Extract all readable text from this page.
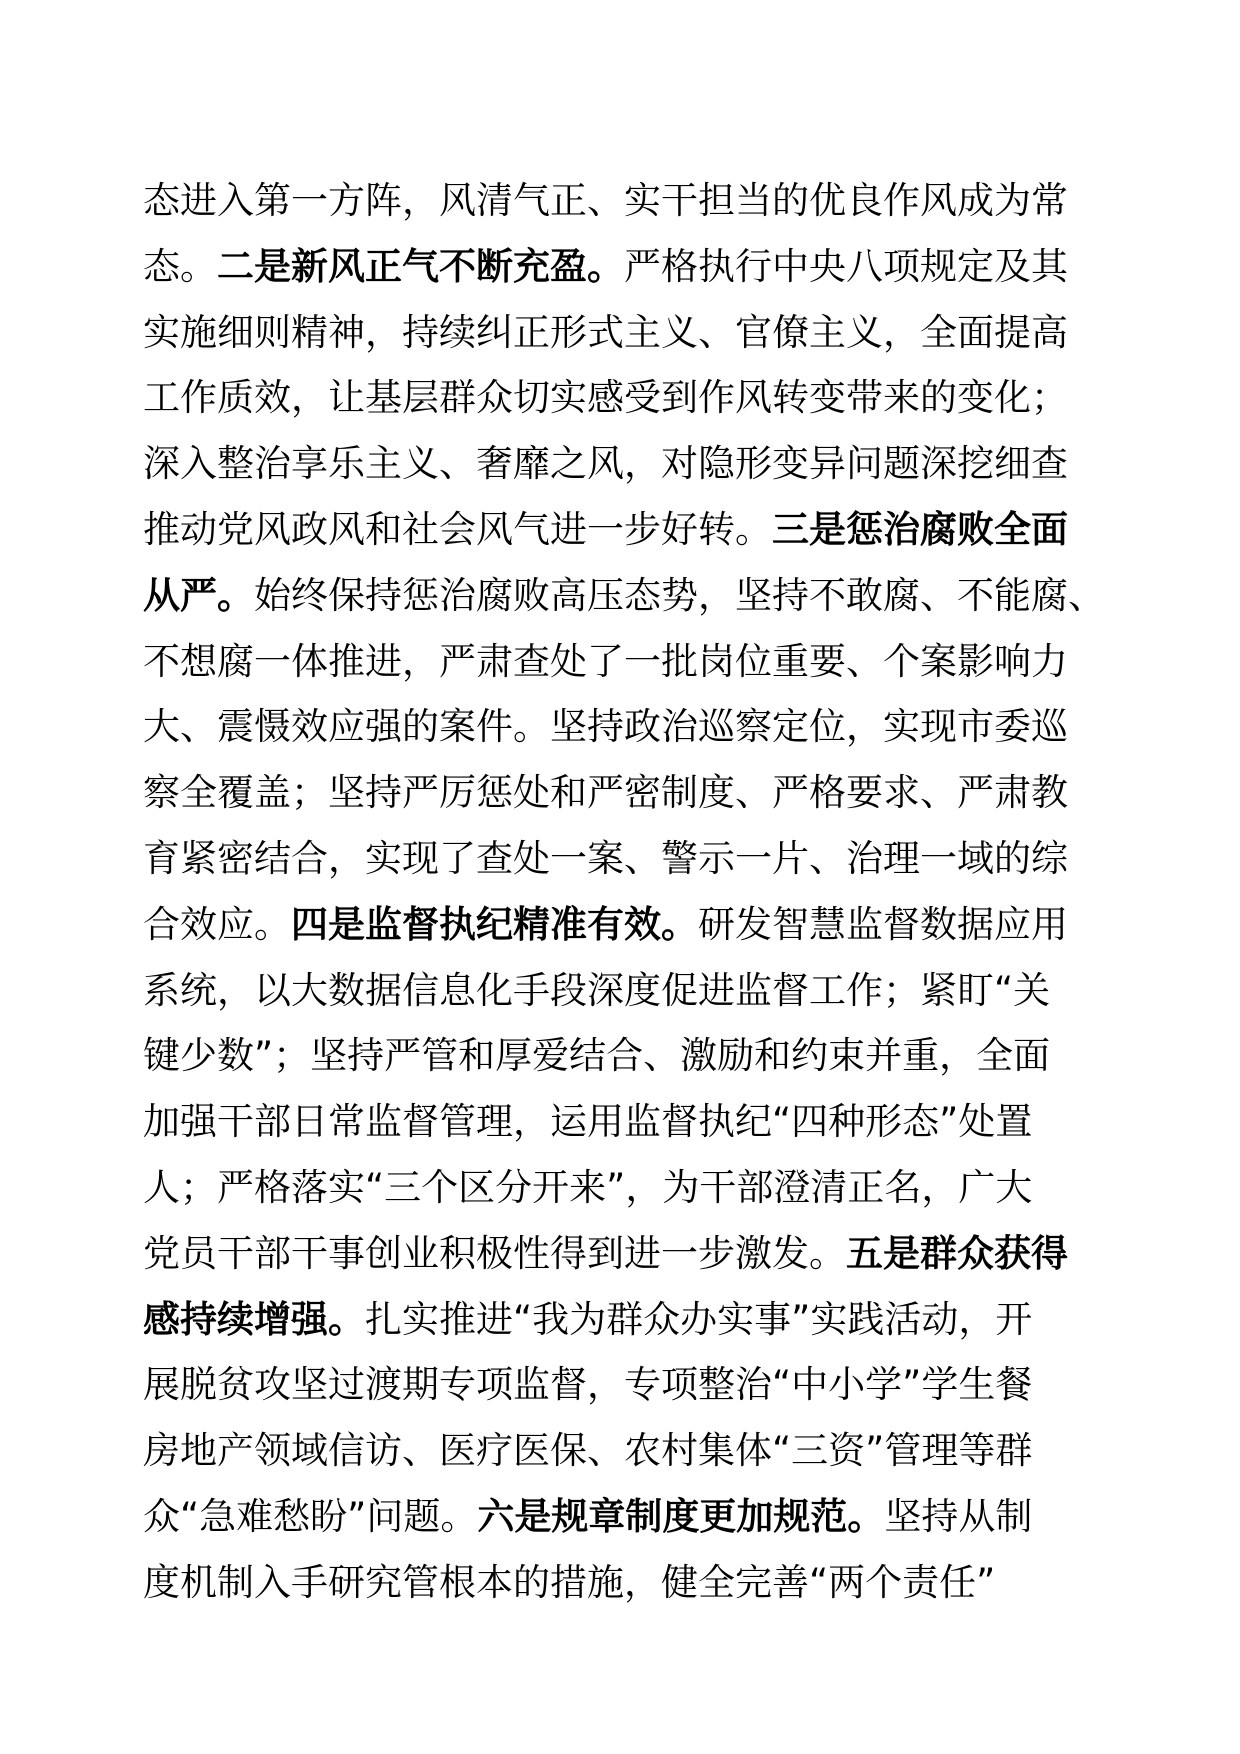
态进入第一方阵，风清气正、实干担当的优良作风成为常
态。二是新风正气不断充盈。严格执行中央八项规定及其
实施细则精神，持续纠正形式主义、官僚主义，全面提高
工作质效，让基层群众切实感受到作风转变带来的变化；
深入整治享乐主义、奢靡之风，对隐形变异问题深挖细查
推动党风政风和社会风气进一步好转。三是惩治腐败全面
从严。始终保持惩治腐败高压态势，坚持不敢腐、不能腐、
不想腐一体推进，严肃查处了一批岗位重要、个案影响力
大、震慑效应强的案件。坚持政治巡察定位，实现市委巡
察全覆盖；坚持严厉惩处和严密制度、严格要求、严肃教
育紧密结合，实现了查处一案、警示一片、治理一域的综
合效应。四是监督执纪精准有效。研发智慧监督数据应用
系统，以大数据信息化手段深度促进监督工作；紧盯“关
键少数”；坚持严管和厚爱结合、激励和约束并重，全面
加强干部日常监督管理，运用监督执纪“四种形态”处置
人；严格落实“三个区分开来”，为干部澄清正名，广大
党员干部干事创业积极性得到进一步激发。五是群众获得
感持续增强。扎实推进“我为群众办实事”实践活动，开
展脱贫攻坚过渡期专项监督，专项整治“中小学”学生餐
房地产领域信访、医疗医保、农村集体“三资”管理等群
众“急难愁盼”问题。六是规章制度更加规范。坚持从制
度机制入手研究管根本的措施，健全完善“两个责任”
